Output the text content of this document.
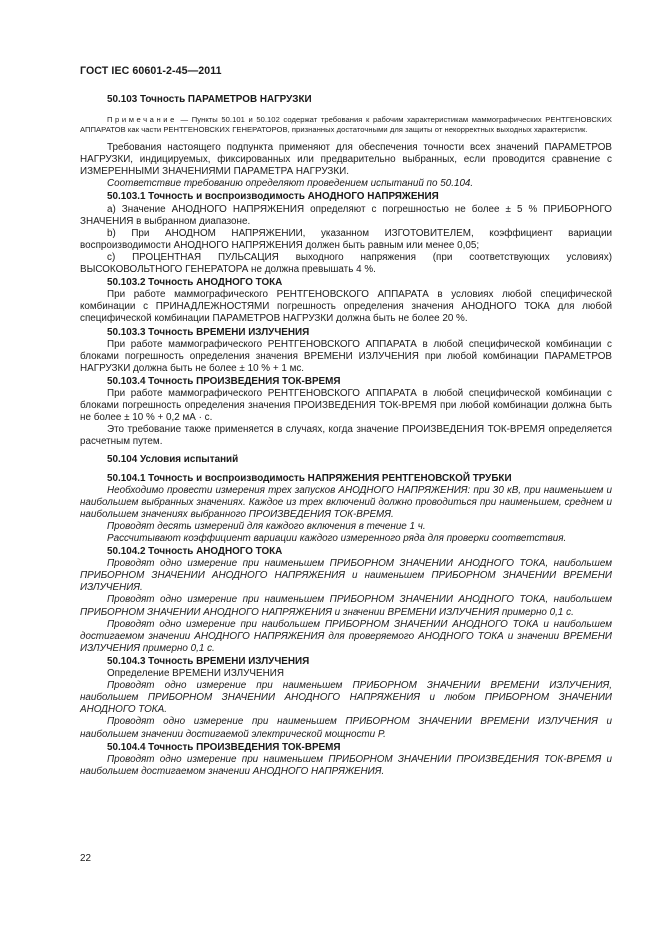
ГОСТ IEC 60601-2-45—2011

50.103 Точность ПАРАМЕТРОВ НАГРУЗКИ

Примечание — Пункты 50.101 и 50.102 содержат требования к рабочим характеристикам маммографических РЕНТГЕНОВСКИХ АППАРАТОВ как части РЕНТГЕНОВСКИХ ГЕНЕРАТОРОВ, признанных достаточными для защиты от некорректных выходных характеристик.

Требования настоящего подпункта применяют для обеспечения точности всех значений ПАРАМЕТРОВ НАГРУЗКИ, индицируемых, фиксированных или предварительно выбранных, если проводится сравнение с ИЗМЕРЕННЫМИ ЗНАЧЕНИЯМИ ПАРАМЕТРА НАГРУЗКИ.

Соответствие требованию определяют проведением испытаний по 50.104.

50.103.1 Точность и воспроизводимость АНОДНОГО НАПРЯЖЕНИЯ

а) Значение АНОДНОГО НАПРЯЖЕНИЯ определяют с погрешностью не более ± 5 % ПРИБОРНОГО ЗНАЧЕНИЯ в выбранном диапазоне.

b) При АНОДНОМ НАПРЯЖЕНИИ, указанном ИЗГОТОВИТЕЛЕМ, коэффициент вариации воспроизводимости АНОДНОГО НАПРЯЖЕНИЯ должен быть равным или менее 0,05;

с) ПРОЦЕНТНАЯ ПУЛЬСАЦИЯ выходного напряжения (при соответствующих условиях) ВЫСОКОВОЛЬТНОГО ГЕНЕРАТОРА не должна превышать 4 %.

50.103.2 Точность АНОДНОГО ТОКА

При работе маммографического РЕНТГЕНОВСКОГО АППАРАТА в условиях любой специфической комбинации с ПРИНАДЛЕЖНОСТЯМИ погрешность определения значения АНОДНОГО ТОКА для любой специфической комбинации ПАРАМЕТРОВ НАГРУЗКИ должна быть не более 20 %.

50.103.3 Точность ВРЕМЕНИ ИЗЛУЧЕНИЯ

При работе маммографического РЕНТГЕНОВСКОГО АППАРАТА в любой специфической комбинации с блоками погрешность определения значения ВРЕМЕНИ ИЗЛУЧЕНИЯ при любой комбинации ПАРАМЕТРОВ НАГРУЗКИ должна быть не более ± 10 % + 1 мс.

50.103.4 Точность ПРОИЗВЕДЕНИЯ ТОК-ВРЕМЯ

При работе маммографического РЕНТГЕНОВСКОГО АППАРАТА в любой специфической комбинации с блоками погрешность определения значения ПРОИЗВЕДЕНИЯ ТОК-ВРЕМЯ при любой комбинации должна быть не более ± 10 % + 0,2 мА · с.

Это требование также применяется в случаях, когда значение ПРОИЗВЕДЕНИЯ ТОК-ВРЕМЯ определяется расчетным путем.

50.104 Условия испытаний

50.104.1 Точность и воспроизводимость НАПРЯЖЕНИЯ РЕНТГЕНОВСКОЙ ТРУБКИ

Необходимо провести измерения трех запусков АНОДНОГО НАПРЯЖЕНИЯ: при 30 кВ, при наименьшем и наибольшем выбранных значениях. Каждое из трех включений должно проводиться при наименьшем, среднем и наибольшем значениях выбранного ПРОИЗВЕДЕНИЯ ТОК-ВРЕМЯ.

Проводят десять измерений для каждого включения в течение 1 ч.

Рассчитывают коэффициент вариации каждого измеренного ряда для проверки соответствия.

50.104.2 Точность АНОДНОГО ТОКА

Проводят одно измерение при наименьшем ПРИБОРНОМ ЗНАЧЕНИИ АНОДНОГО ТОКА, наибольшем ПРИБОРНОМ ЗНАЧЕНИИ АНОДНОГО НАПРЯЖЕНИЯ и наименьшем ПРИБОРНОМ ЗНАЧЕНИИ ВРЕМЕНИ ИЗЛУЧЕНИЯ.

Проводят одно измерение при наименьшем ПРИБОРНОМ ЗНАЧЕНИИ АНОДНОГО ТОКА, наибольшем ПРИБОРНОМ ЗНАЧЕНИИ АНОДНОГО НАПРЯЖЕНИЯ и значении ВРЕМЕНИ ИЗЛУЧЕНИЯ примерно 0,1 с.

Проводят одно измерение при наибольшем ПРИБОРНОМ ЗНАЧЕНИИ АНОДНОГО ТОКА и наибольшем достигаемом значении АНОДНОГО НАПРЯЖЕНИЯ для проверяемого АНОДНОГО ТОКА и значении ВРЕМЕНИ ИЗЛУЧЕНИЯ примерно 0,1 с.

50.104.3 Точность ВРЕМЕНИ ИЗЛУЧЕНИЯ

Определение ВРЕМЕНИ ИЗЛУЧЕНИЯ

Проводят одно измерение при наименьшем ПРИБОРНОМ ЗНАЧЕНИИ ВРЕМЕНИ ИЗЛУЧЕНИЯ, наибольшем ПРИБОРНОМ ЗНАЧЕНИИ АНОДНОГО НАПРЯЖЕНИЯ и любом ПРИБОРНОМ ЗНАЧЕНИИ АНОДНОГО ТОКА.

Проводят одно измерение при наименьшем ПРИБОРНОМ ЗНАЧЕНИИ ВРЕМЕНИ ИЗЛУЧЕНИЯ и наибольшем значении достигаемой электрической мощности P.

50.104.4 Точность ПРОИЗВЕДЕНИЯ ТОК-ВРЕМЯ

Проводят одно измерение при наименьшем ПРИБОРНОМ ЗНАЧЕНИИ ПРОИЗВЕДЕНИЯ ТОК-ВРЕМЯ и наибольшем достигаемом значении АНОДНОГО НАПРЯЖЕНИЯ.

22
